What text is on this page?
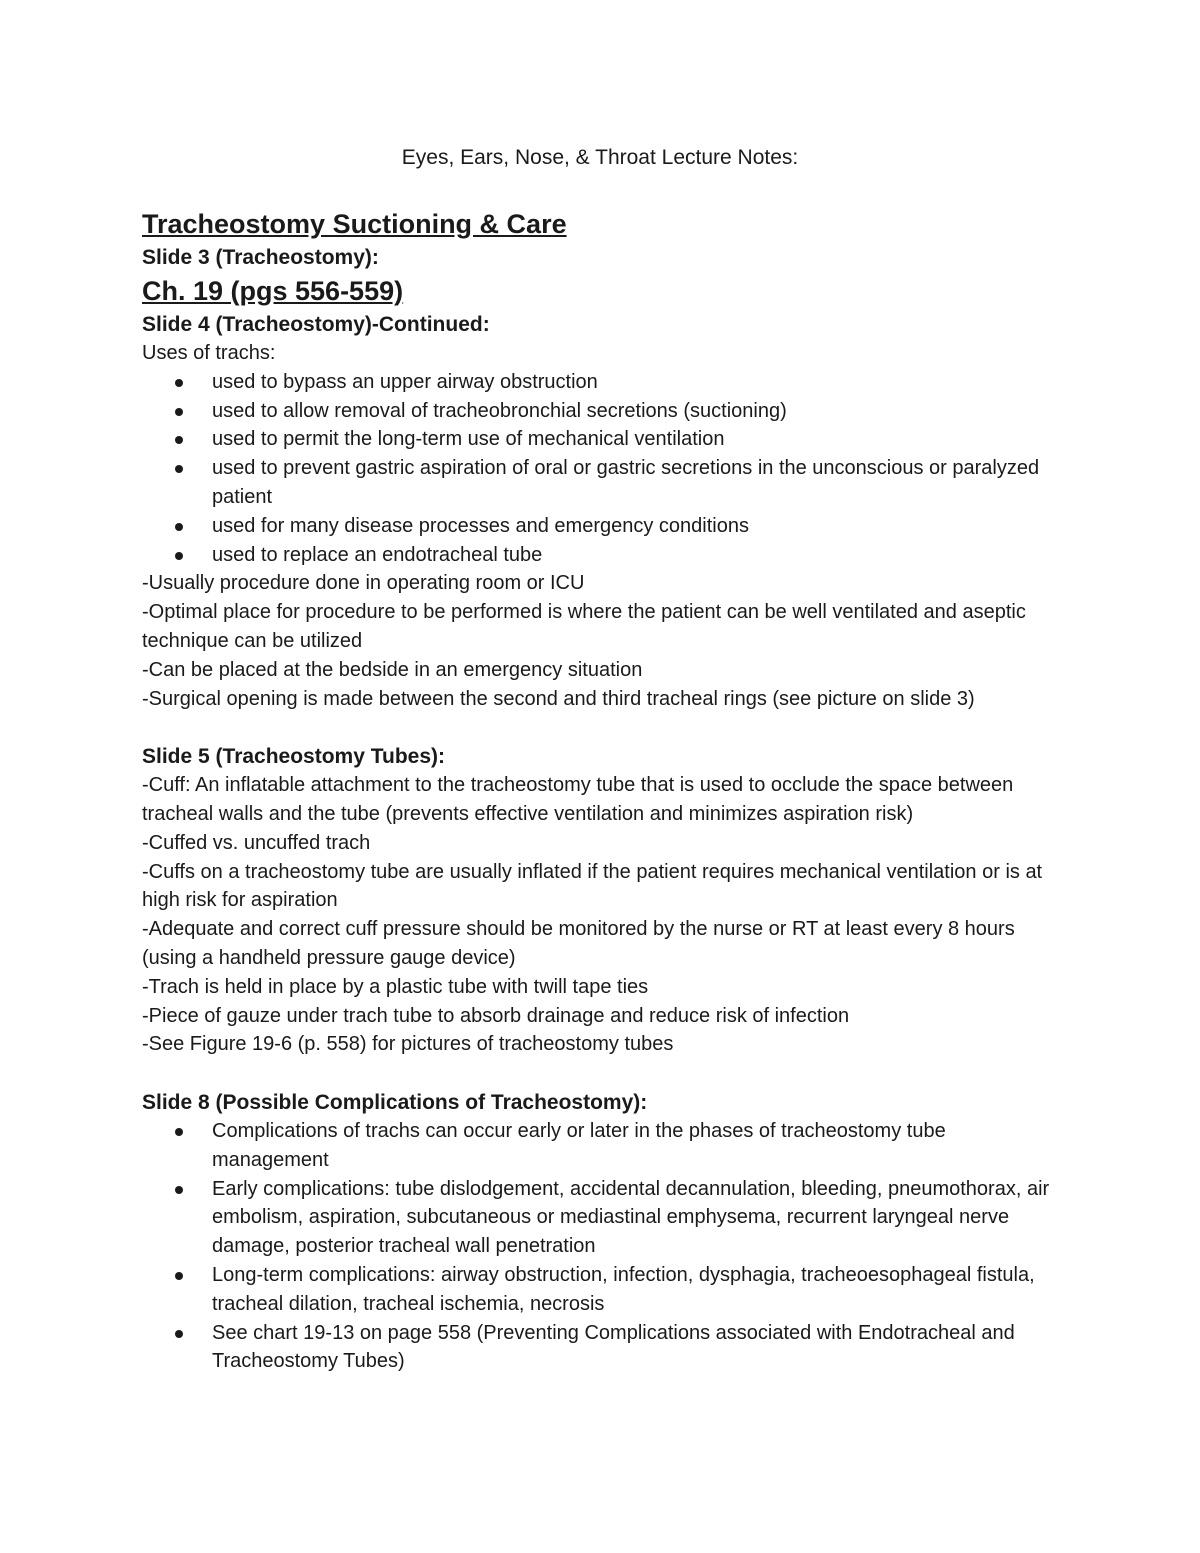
Eyes, Ears, Nose, & Throat Lecture Notes:

Tracheostomy Suctioning & Care

Slide 3 (Tracheostomy):

Ch. 19 (pgs 556-559)

Slide 4 (Tracheostomy)-Continued:

Uses of trachs:

used to bypass an upper airway obstruction
used to allow removal of tracheobronchial secretions (suctioning)
used to permit the long-term use of mechanical ventilation
used to prevent gastric aspiration of oral or gastric secretions in the unconscious or paralyzed patient
used for many disease processes and emergency conditions
used to replace an endotracheal tube

-Usually procedure done in operating room or ICU

-Optimal place for procedure to be performed is where the patient can be well ventilated and aseptic technique can be utilized

-Can be placed at the bedside in an emergency situation

-Surgical opening is made between the second and third tracheal rings (see picture on slide 3)

Slide 5 (Tracheostomy Tubes):

-Cuff: An inflatable attachment to the tracheostomy tube that is used to occlude the space between tracheal walls and the tube (prevents effective ventilation and minimizes aspiration risk)

-Cuffed vs. uncuffed trach

-Cuffs on a tracheostomy tube are usually inflated if the patient requires mechanical ventilation or is at high risk for aspiration

-Adequate and correct cuff pressure should be monitored by the nurse or RT at least every 8 hours (using a handheld pressure gauge device)

-Trach is held in place by a plastic tube with twill tape ties

-Piece of gauze under trach tube to absorb drainage and reduce risk of infection

-See Figure 19-6 (p. 558) for pictures of tracheostomy tubes

Slide 8 (Possible Complications of Tracheostomy):

Complications of trachs can occur early or later in the phases of tracheostomy tube management
Early complications: tube dislodgement, accidental decannulation, bleeding, pneumothorax, air embolism, aspiration, subcutaneous or mediastinal emphysema, recurrent laryngeal nerve damage, posterior tracheal wall penetration
Long-term complications: airway obstruction, infection, dysphagia, tracheoesophageal fistula, tracheal dilation, tracheal ischemia, necrosis
See chart 19-13 on page 558 (Preventing Complications associated with Endotracheal and Tracheostomy Tubes)
